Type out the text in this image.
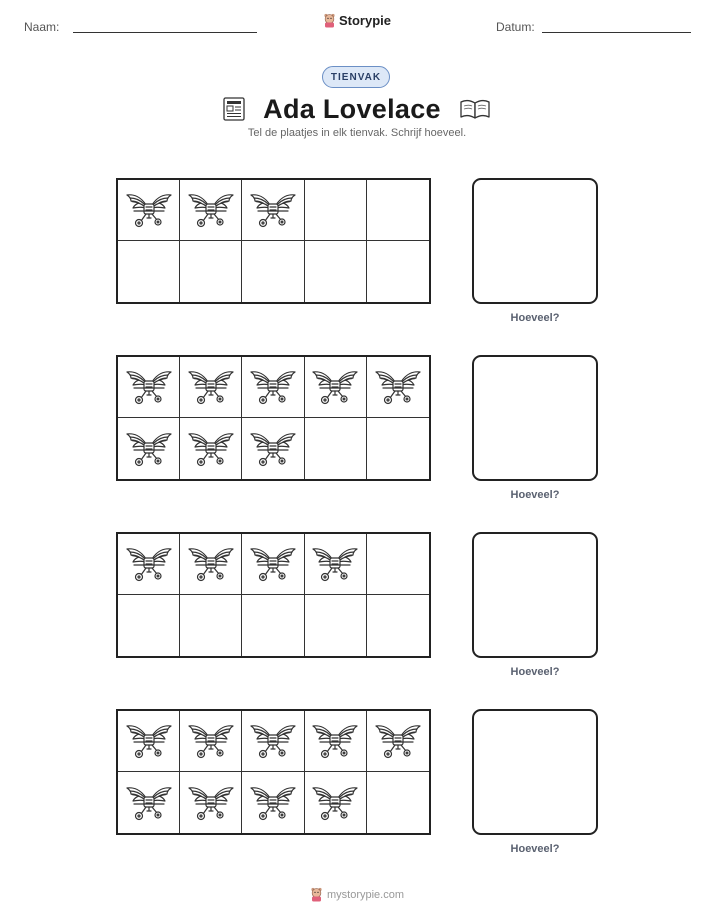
Naam:	Storypie	Datum:
TIENVAK
Ada Lovelace
Tel de plaatjes in elk tienvak. Schrijf hoeveel.
Hoeveel?
Hoeveel?
Hoeveel?
Hoeveel?
mystorypie.com
